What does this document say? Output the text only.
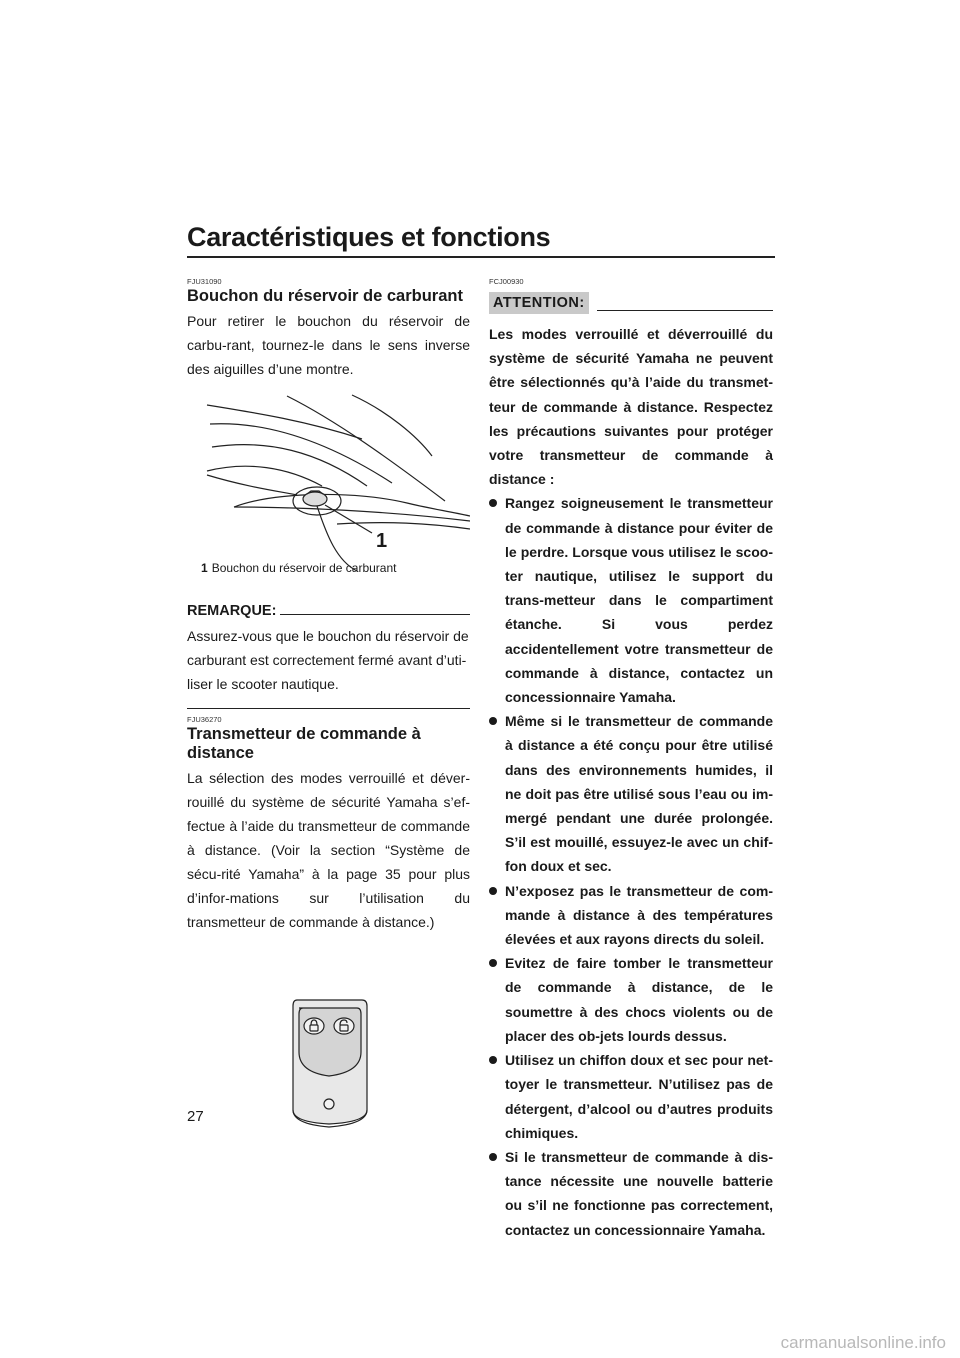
Caractéristiques et fonctions

FJU31090

Bouchon du réservoir de carburant

Pour retirer le bouchon du réservoir de carbu-rant, tournez-le dans le sens inverse des aiguilles d’une montre.

1
1 Bouchon du réservoir de carburant
REMARQUE:

Assurez-vous que le bouchon du réservoir de carburant est correctement fermé avant d’uti-liser le scooter nautique.

FJU36270

Transmetteur de commande à distance

La sélection des modes verrouillé et déver-rouillé du système de sécurité Yamaha s’ef-fectue à l’aide du transmetteur de commande à distance. (Voir la section “Système de sécu-rité Yamaha” à la page 35 pour plus d’infor-mations sur l’utilisation du transmetteur de commande à distance.)

FCJ00930

ATTENTION:

Les modes verrouillé et déverrouillé du système de sécurité Yamaha ne peuvent être sélectionnés qu’à l’aide du transmet-teur de commande à distance. Respectez les précautions suivantes pour protéger votre transmetteur de commande à distance :

Rangez soigneusement le transmetteur de commande à distance pour éviter de le perdre. Lorsque vous utilisez le scoo-ter nautique, utilisez le support du trans-metteur dans le compartiment étanche. Si vous perdez accidentellement votre transmetteur de commande à distance, contactez un concessionnaire Yamaha.
Même si le transmetteur de commande à distance a été conçu pour être utilisé dans des environnements humides, il ne doit pas être utilisé sous l’eau ou im-mergé pendant une durée prolongée. S’il est mouillé, essuyez-le avec un chif-fon doux et sec.
N’exposez pas le transmetteur de com-mande à distance à des températures élevées et aux rayons directs du soleil.
Evitez de faire tomber le transmetteur de commande à distance, de le soumettre à des chocs violents ou de placer des ob-jets lourds dessus.
Utilisez un chiffon doux et sec pour net-toyer le transmetteur. N’utilisez pas de détergent, d’alcool ou d’autres produits chimiques.
Si le transmetteur de commande à dis-tance nécessite une nouvelle batterie ou s’il ne fonctionne pas correctement, contactez un concessionnaire Yamaha.

27

carmanualsonline.info
